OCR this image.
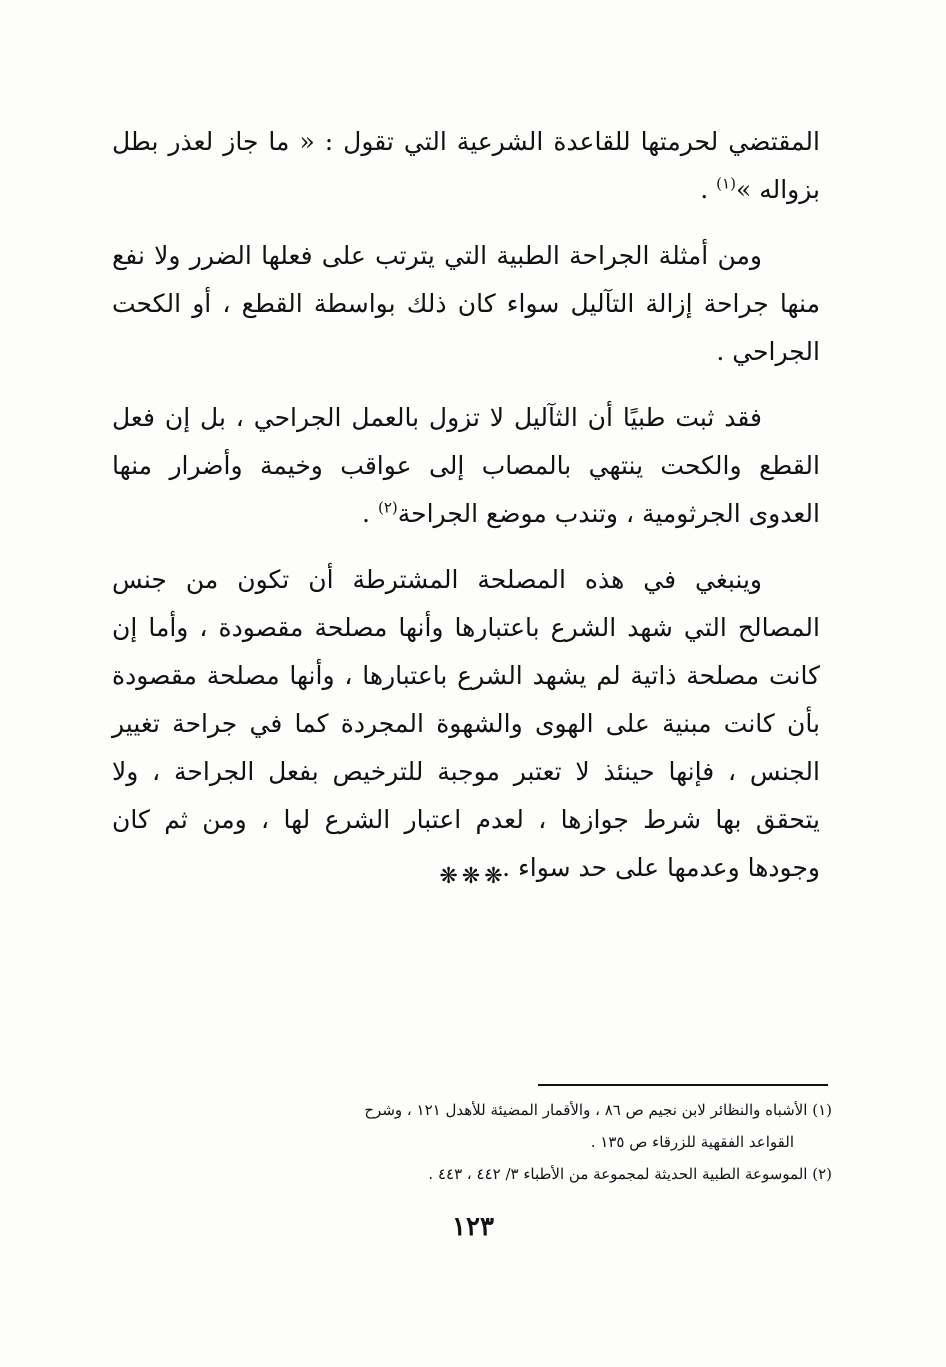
المقتضي لحرمتها للقاعدة الشرعية التي تقول : « ما جاز لعذر بطل بزواله »$^{(١)}$ .

ومن أمثلة الجراحة الطبية التي يترتب على فعلها الضرر ولا نفع منها جراحة إزالة التآليل سواء كان ذلك بواسطة القطع ، أو الكحت الجراحي .

فقد ثبت طبيًا أن الثآليل لا تزول بالعمل الجراحي ، بل إن فعل القطع والكحت ينتهي بالمصاب إلى عواقب وخيمة وأضرار منها العدوى الجرثومية ، وتندب موضع الجراحة$^{(٢)}$ .

وينبغي في هذه المصلحة المشترطة أن تكون من جنس المصالح التي شهد الشرع باعتبارها وأنها مصلحة مقصودة ، وأما إن كانت مصلحة ذاتية لم يشهد الشرع باعتبارها ، وأنها مصلحة مقصودة بأن كانت مبنية على الهوى والشهوة المجردة كما في جراحة تغيير الجنس ، فإنها حينئذ لا تعتبر موجبة للترخيص بفعل الجراحة ، ولا يتحقق بها شرط جوازها ، لعدم اعتبار الشرع لها ، ومن ثم كان وجودها وعدمها على حد سواء .

❋❋❋

(١) الأشباه والنظائر لابن نجيم ص ٨٦ ، والأقمار المضيئة للأهدل ١٢١ ، وشرح
القواعد الفقهية للزرقاء ص ١٣٥ .

(٢) الموسوعة الطبية الحديثة لمجموعة من الأطباء ٣/ ٤٤٢ ، ٤٤٣ .

١٢٣
